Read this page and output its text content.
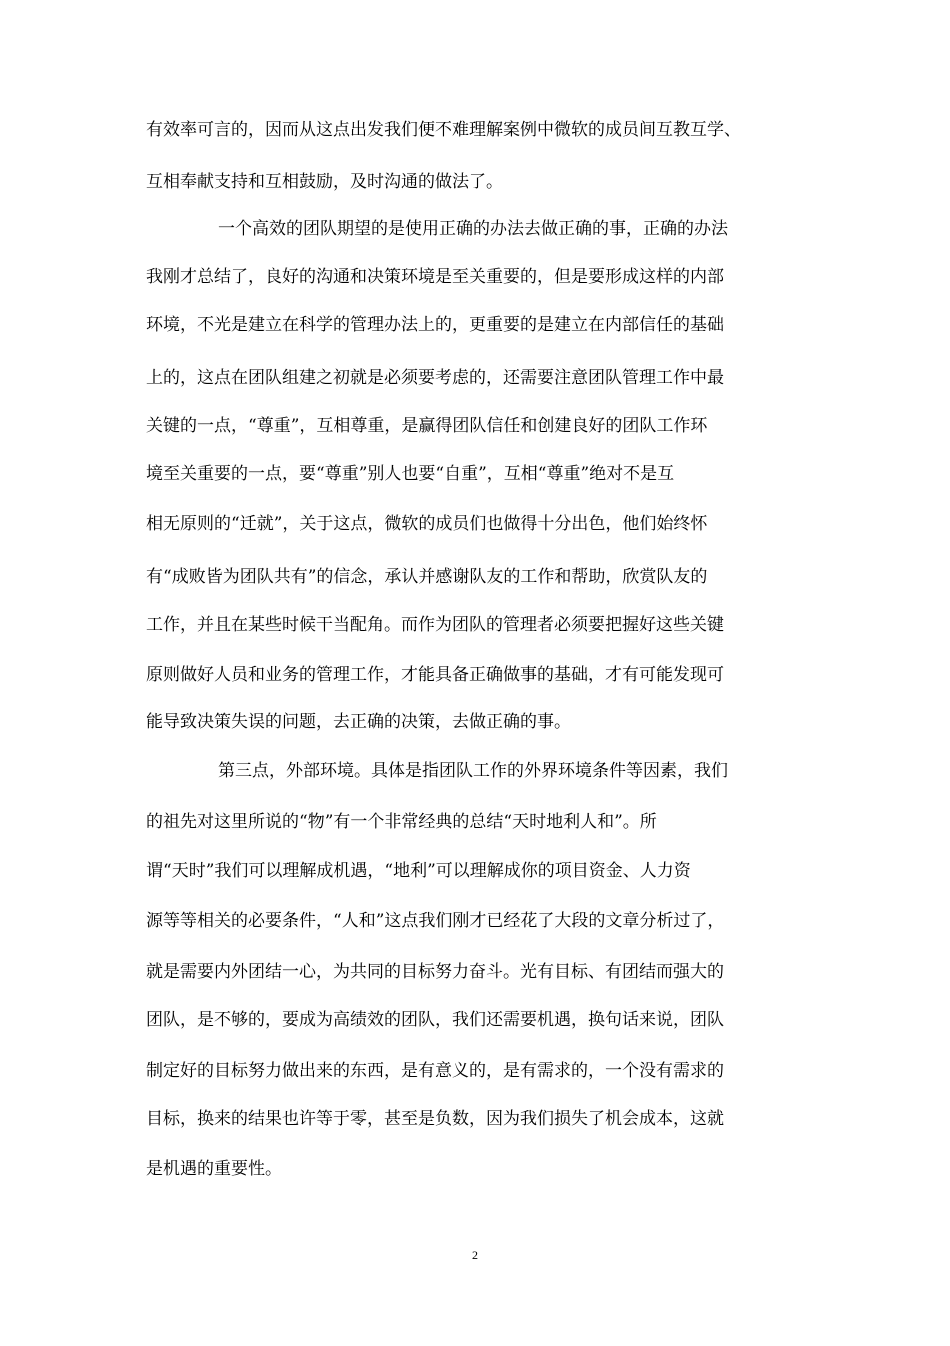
有效率可言的，因而从这点出发我们便不难理解案例中微软的成员间互教互学、
互相奉献支持和互相鼓励，及时沟通的做法了。
一个高效的团队期望的是使用正确的办法去做正确的事，正确的办法
我刚才总结了，良好的沟通和决策环境是至关重要的，但是要形成这样的内部
环境，不光是建立在科学的管理办法上的，更重要的是建立在内部信任的基础
上的，这点在团队组建之初就是必须要考虑的，还需要注意团队管理工作中最
关键的一点，“尊重”，互相尊重，是赢得团队信任和创建良好的团队工作环
境至关重要的一点，要“尊重”别人也要“自重”，互相“尊重”绝对不是互
相无原则的“迁就”，关于这点，微软的成员们也做得十分出色，他们始终怀
有“成败皆为团队共有”的信念，承认并感谢队友的工作和帮助，欣赏队友的
工作，并且在某些时候干当配角。而作为团队的管理者必须要把握好这些关键
原则做好人员和业务的管理工作，才能具备正确做事的基础，才有可能发现可
能导致决策失误的问题，去正确的决策，去做正确的事。
第三点，外部环境。具体是指团队工作的外界环境条件等因素，我们
的祖先对这里所说的“物”有一个非常经典的总结“天时地利人和”。所
谓“天时”我们可以理解成机遇，“地利”可以理解成你的项目资金、人力资
源等等相关的必要条件，“人和”这点我们刚才已经花了大段的文章分析过了，
就是需要内外团结一心，为共同的目标努力奋斗。光有目标、有团结而强大的
团队，是不够的，要成为高绩效的团队，我们还需要机遇，换句话来说，团队
制定好的目标努力做出来的东西，是有意义的，是有需求的，一个没有需求的
目标，换来的结果也许等于零，甚至是负数，因为我们损失了机会成本，这就
是机遇的重要性。
2
